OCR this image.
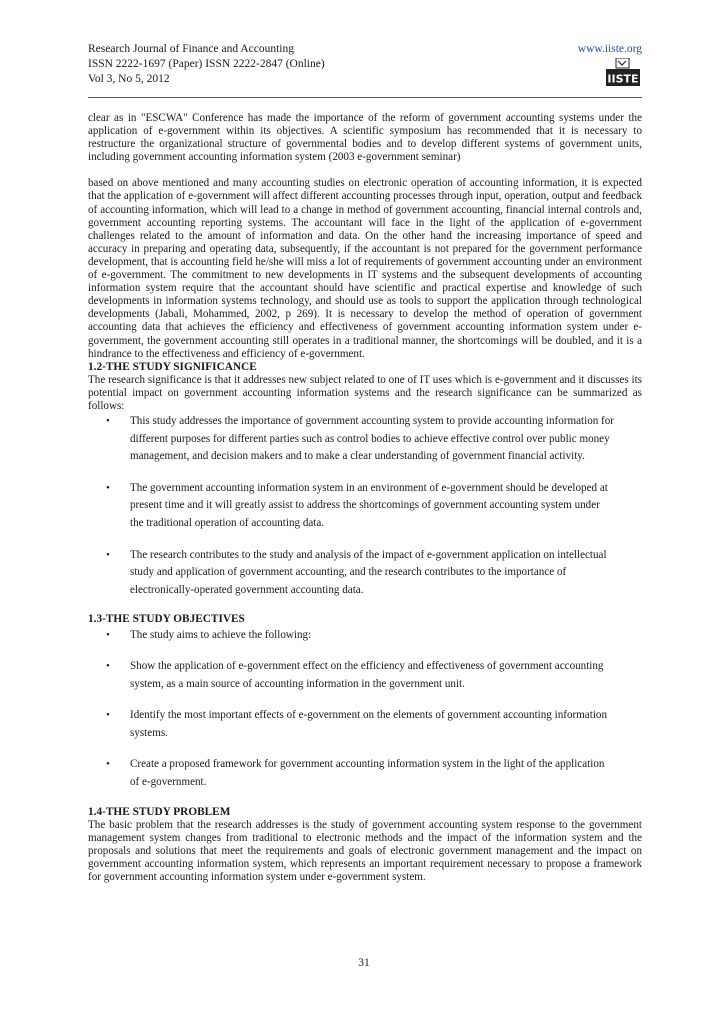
Research Journal of Finance and Accounting
ISSN 2222-1697 (Paper) ISSN 2222-2847 (Online)
Vol 3, No 5, 2012
www.iiste.org
IISTE

clear as in "ESCWA" Conference has made the importance of the reform of government accounting systems under the application of e-government within its objectives. A scientific symposium has recommended that it is necessary to restructure the organizational structure of governmental bodies and to develop different systems of government units, including government accounting information system (2003 e-government seminar)

based on above mentioned and many accounting studies on electronic operation of accounting information, it is expected that the application of e-government will affect different accounting processes through input, operation, output and feedback of accounting information, which will lead to a change in method of government accounting, financial internal controls and, government accounting reporting systems. The accountant will face in the light of the application of e-government challenges related to the amount of information and data. On the other hand the increasing importance of speed and accuracy in preparing and operating data, subsequently, if the accountant is not prepared for the government performance development, that is accounting field he/she will miss a lot of requirements of government accounting under an environment of e-government. The commitment to new developments in IT systems and the subsequent developments of accounting information system require that the accountant should have scientific and practical expertise and knowledge of such developments in information systems technology, and should use as tools to support the application through technological developments (Jabali, Mohammed, 2002, p 269). It is necessary to develop the method of operation of government accounting data that achieves the efficiency and effectiveness of government accounting information system under e-government, the government accounting still operates in a traditional manner, the shortcomings will be doubled, and it is a hindrance to the effectiveness and efficiency of e-government.

1.2-THE STUDY SIGNIFICANCE

The research significance is that it addresses new subject related to one of IT uses which is e-government and it discusses its potential impact on government accounting information systems and the research significance can be summarized as follows:

• This study addresses the importance of government accounting system to provide accounting information for different purposes for different parties such as control bodies to achieve effective control over public money management, and decision makers and to make a clear understanding of government financial activity.
• The government accounting information system in an environment of e-government should be developed at present time and it will greatly assist to address the shortcomings of government accounting system under the traditional operation of accounting data.
• The research contributes to the study and analysis of the impact of e-government application on intellectual study and application of government accounting, and the research contributes to the importance of electronically-operated government accounting data.
1.3-THE STUDY OBJECTIVES
• The study aims to achieve the following:
• Show the application of e-government effect on the efficiency and effectiveness of government accounting system, as a main source of accounting information in the government unit.
• Identify the most important effects of e-government on the elements of government accounting information systems.
• Create a proposed framework for government accounting information system in the light of the application of e-government.
1.4-THE STUDY PROBLEM

The basic problem that the research addresses is the study of government accounting system response to the government management system changes from traditional to electronic methods and the impact of the information system and the proposals and solutions that meet the requirements and goals of electronic government management and the impact on government accounting information system, which represents an important requirement necessary to propose a framework for government accounting information system under e-government system.

31
